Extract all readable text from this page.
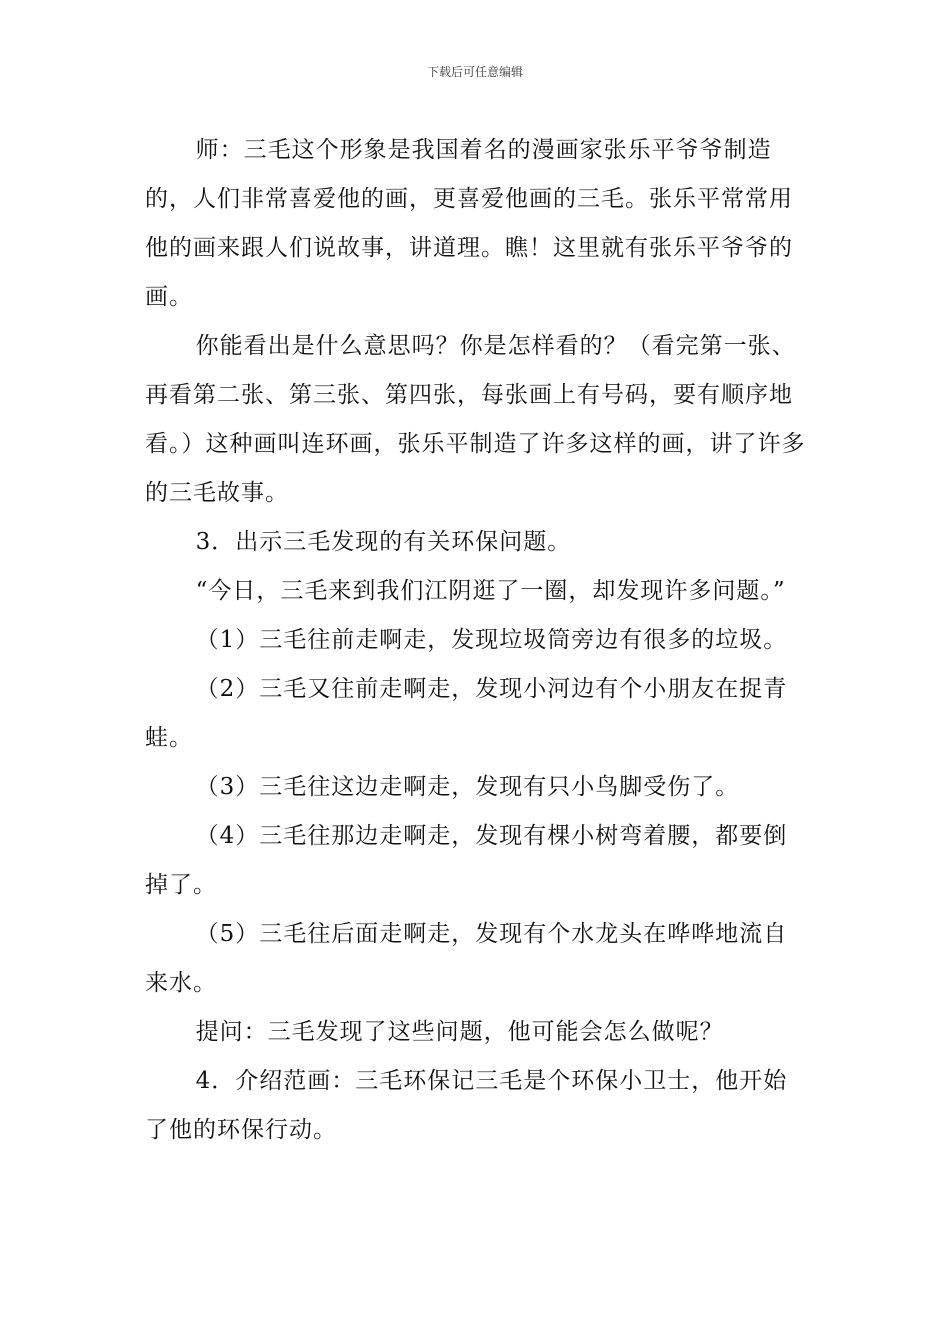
下载后可任意编辑

师：三毛这个形象是我国着名的漫画家张乐平爷爷制造的，人们非常喜爱他的画，更喜爱他画的三毛。张乐平常常用他的画来跟人们说故事，讲道理。瞧！这里就有张乐平爷爷的画。

你能看出是什么意思吗？你是怎样看的？（看完第一张、再看第二张、第三张、第四张，每张画上有号码，要有顺序地看。）这种画叫连环画，张乐平制造了许多这样的画，讲了许多的三毛故事。

3．出示三毛发现的有关环保问题。

“今日，三毛来到我们江阴逛了一圈，却发现许多问题。”

（1）三毛往前走啊走，发现垃圾筒旁边有很多的垃圾。

（2）三毛又往前走啊走，发现小河边有个小朋友在捉青蛙。

（3）三毛往这边走啊走，发现有只小鸟脚受伤了。

（4）三毛往那边走啊走，发现有棵小树弯着腰，都要倒掉了。

（5）三毛往后面走啊走，发现有个水龙头在哗哗地流自来水。

提问：三毛发现了这些问题，他可能会怎么做呢？

4．介绍范画：三毛环保记三毛是个环保小卫士，他开始了他的环保行动。
